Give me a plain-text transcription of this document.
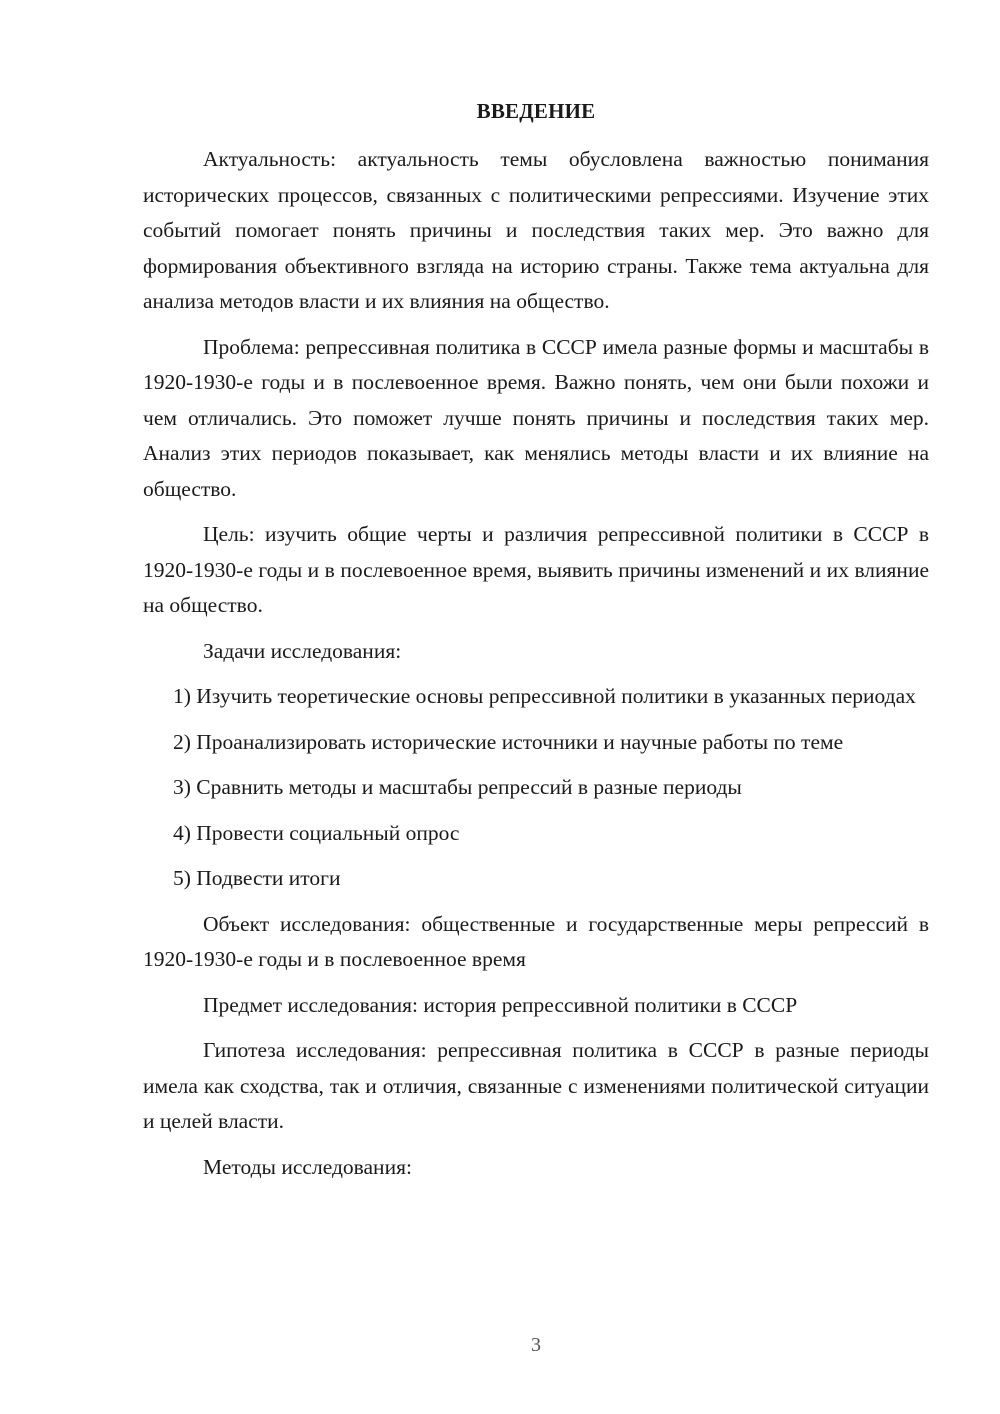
ВВЕДЕНИЕ

Актуальность: актуальность темы обусловлена важностью понимания исторических процессов, связанных с политическими репрессиями. Изучение этих событий помогает понять причины и последствия таких мер. Это важно для формирования объективного взгляда на историю страны. Также тема актуальна для анализа методов власти и их влияния на общество.

Проблема: репрессивная политика в СССР имела разные формы и масштабы в 1920-1930-е годы и в послевоенное время. Важно понять, чем они были похожи и чем отличались. Это поможет лучше понять причины и последствия таких мер. Анализ этих периодов показывает, как менялись методы власти и их влияние на общество.

Цель: изучить общие черты и различия репрессивной политики в СССР в 1920-1930-е годы и в послевоенное время, выявить причины изменений и их влияние на общество.

Задачи исследования:

1) Изучить теоретические основы репрессивной политики в указанных периодах

2) Проанализировать исторические источники и научные работы по теме

3) Сравнить методы и масштабы репрессий в разные периоды

4) Провести социальный опрос

5) Подвести итоги

Объект исследования: общественные и государственные меры репрессий в 1920-1930-е годы и в послевоенное время

Предмет исследования: история репрессивной политики в СССР

Гипотеза исследования: репрессивная политика в СССР в разные периоды имела как сходства, так и отличия, связанные с изменениями политической ситуации и целей власти.

Методы исследования:

3
